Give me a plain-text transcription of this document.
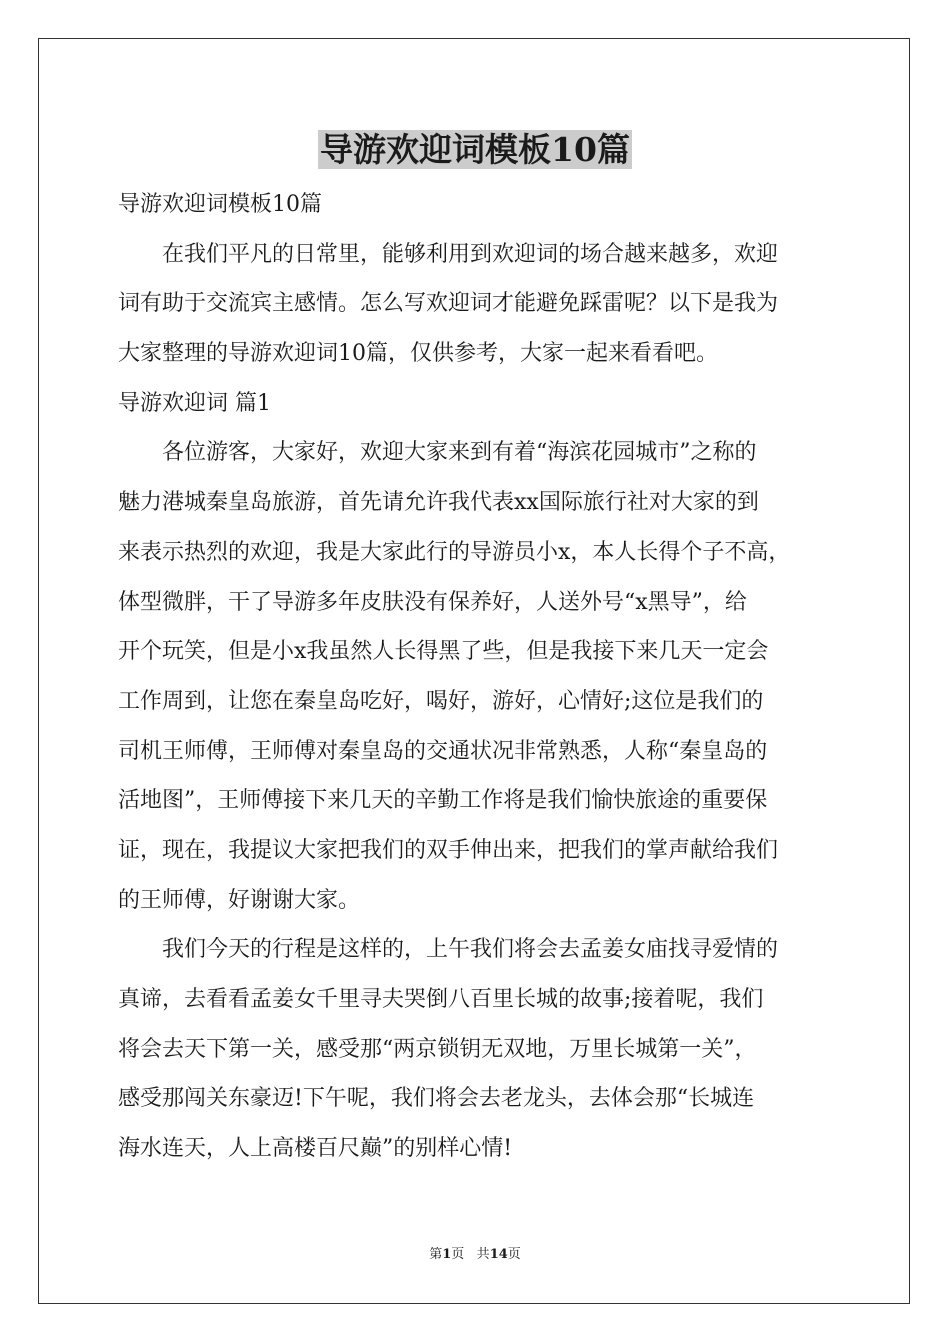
导游欢迎词模板10篇
导游欢迎词模板10篇
在我们平凡的日常里，能够利用到欢迎词的场合越来越多，欢迎
词有助于交流宾主感情。怎么写欢迎词才能避免踩雷呢？以下是我为
大家整理的导游欢迎词10篇，仅供参考，大家一起来看看吧。
导游欢迎词 篇1
各位游客，大家好，欢迎大家来到有着“海滨花园城市”之称的
魅力港城秦皇岛旅游，首先请允许我代表xx国际旅行社对大家的到
来表示热烈的欢迎，我是大家此行的导游员小x，本人长得个子不高，
体型微胖，干了导游多年皮肤没有保养好，人送外号“x黑导”，给
开个玩笑，但是小x我虽然人长得黑了些，但是我接下来几天一定会
工作周到，让您在秦皇岛吃好，喝好，游好，心情好;这位是我们的
司机王师傅，王师傅对秦皇岛的交通状况非常熟悉，人称“秦皇岛的
活地图”，王师傅接下来几天的辛勤工作将是我们愉快旅途的重要保
证，现在，我提议大家把我们的双手伸出来，把我们的掌声献给我们
的王师傅，好谢谢大家。
我们今天的行程是这样的，上午我们将会去孟姜女庙找寻爱情的
真谛，去看看孟姜女千里寻夫哭倒八百里长城的故事;接着呢，我们
将会去天下第一关，感受那“两京锁钥无双地，万里长城第一关”，
感受那闯关东豪迈!下午呢，我们将会去老龙头，去体会那“长城连
海水连天，人上高楼百尺巅”的别样心情!
第1页 共14页
